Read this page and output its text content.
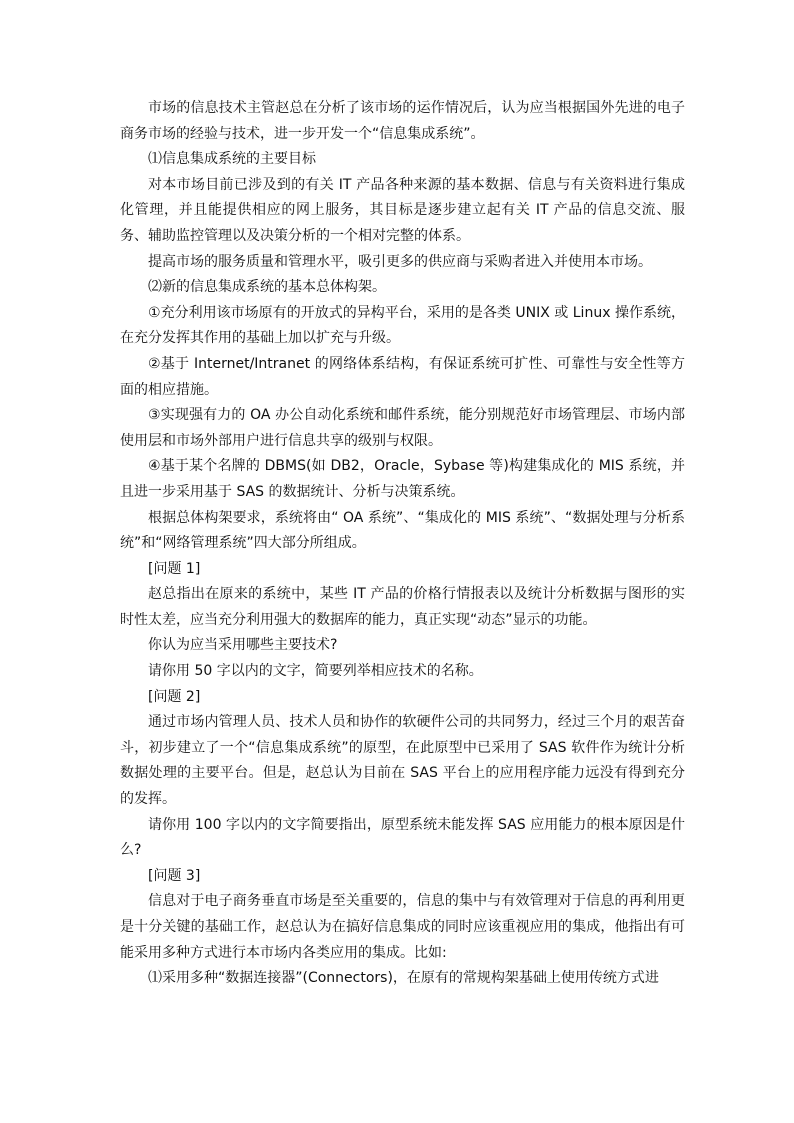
市场的信息技术主管赵总在分析了该市场的运作情况后，认为应当根据国外先进的电子商务市场的经验与技术，进一步开发一个“信息集成系统”。

⑴信息集成系统的主要目标

对本市场目前已涉及到的有关 IT 产品各种来源的基本数据、信息与有关资料进行集成化管理，并且能提供相应的网上服务，其目标是逐步建立起有关 IT 产品的信息交流、服务、辅助监控管理以及决策分析的一个相对完整的体系。

提高市场的服务质量和管理水平，吸引更多的供应商与采购者进入并使用本市场。

⑵新的信息集成系统的基本总体构架。

①充分利用该市场原有的开放式的异构平台，采用的是各类 UNIX 或 Linux 操作系统，在充分发挥其作用的基础上加以扩充与升级。

②基于 Internet/Intranet 的网络体系结构，有保证系统可扩性、可靠性与安全性等方面的相应措施。

③实现强有力的 OA 办公自动化系统和邮件系统，能分别规范好市场管理层、市场内部使用层和市场外部用户进行信息共享的级别与权限。

④基于某个名牌的 DBMS(如 DB2，Oracle，Sybase 等)构建集成化的 MIS 系统，并且进一步采用基于 SAS 的数据统计、分析与决策系统。

根据总体构架要求，系统将由“ OA 系统”、“集成化的 MIS 系统”、“数据处理与分析系统”和“网络管理系统”四大部分所组成。

[问题 1]

赵总指出在原来的系统中，某些 IT 产品的价格行情报表以及统计分析数据与图形的实时性太差，应当充分利用强大的数据库的能力，真正实现“动态”显示的功能。

你认为应当采用哪些主要技术?

请你用 50 字以内的文字，简要列举相应技术的名称。

[问题 2]

通过市场内管理人员、技术人员和协作的软硬件公司的共同努力，经过三个月的艰苦奋斗，初步建立了一个“信息集成系统”的原型，在此原型中已采用了 SAS 软件作为统计分析数据处理的主要平台。但是，赵总认为目前在 SAS 平台上的应用程序能力远没有得到充分的发挥。

请你用 100 字以内的文字简要指出，原型系统未能发挥 SAS 应用能力的根本原因是什么?

[问题 3]

信息对于电子商务垂直市场是至关重要的，信息的集中与有效管理对于信息的再利用更是十分关键的基础工作，赵总认为在搞好信息集成的同时应该重视应用的集成，他指出有可能采用多种方式进行本市场内各类应用的集成。比如:

⑴采用多种“数据连接器”(Connectors)，在原有的常规构架基础上使用传统方式进
